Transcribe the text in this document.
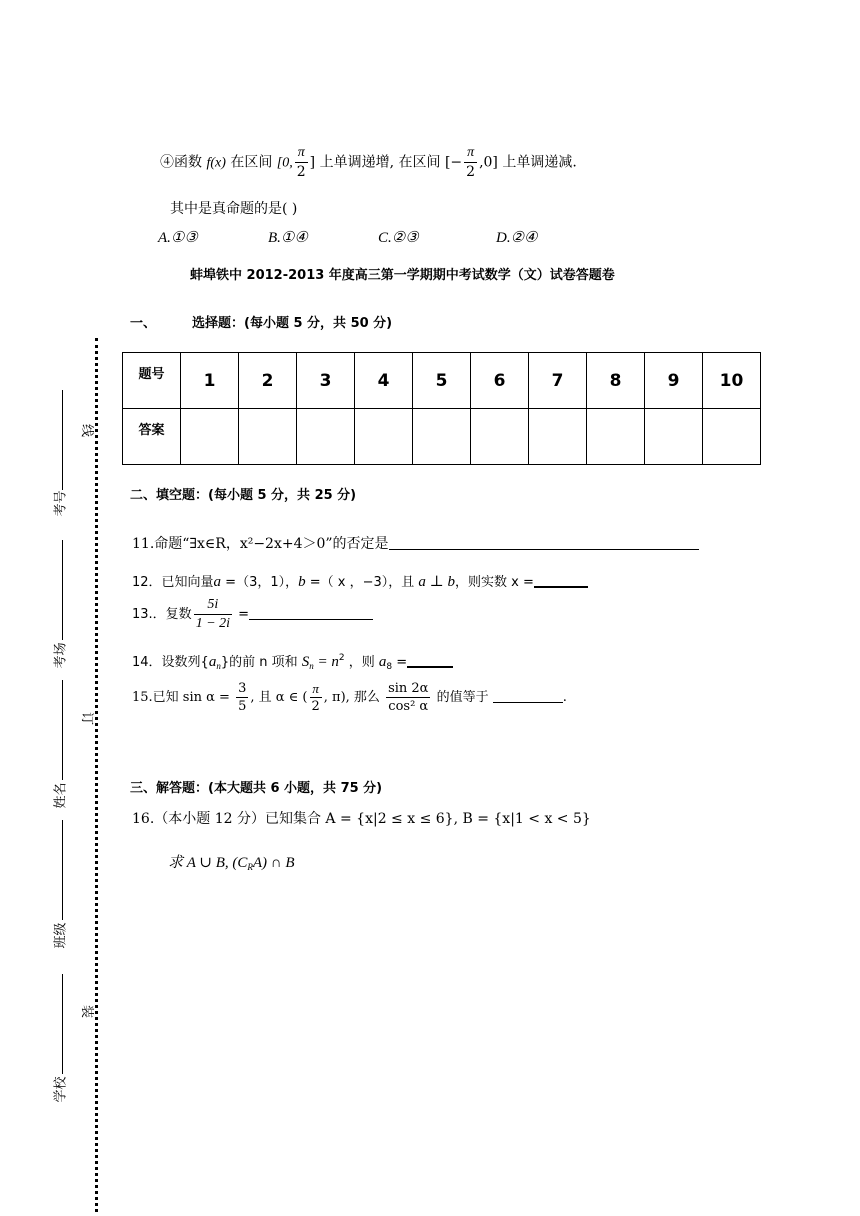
④函数 f(x) 在区间 [0, $\frac{\pi}{2}$ ] 上单调递增, 在区间 [− $\frac{\pi}{2} ,0$] 上单调递减.
其中是真命题的是( )
A.①③	B.①④	C.②③	D.②④
蚌埠铁中 2012-2013 年度高三第一学期期中考试数学（文）试卷答题卷
一、	选择题：(每小题 5 分，共 50 分)
题号	1	2	3	4	5	6	7	8	9	10
答案										
二、填空题：(每小题 5 分，共 25 分)
11.命题“∃x∈R，x²−2x+4＞0”的否定是
12．已知向量a =（3，1），b =（ x ，−3），且 a ⊥ b，则实数 x =
13.．复数 $\frac{5i}{1 - 2i}$ =
14．设数列$\{a_n\}$的前 n 项和 $S_n = n^2$ ，则 $a_8$ =
15.已知 $\sin \alpha = \frac{3}{5}$ , 且 α ∈ ( $\frac{\pi}{2}$ , π), 那么 $\frac{\sin 2\alpha}{\text{cos² α}}$ 的值等于	.
三、解答题：(本大题共 6 小题，共 75 分)
16.（本小题 12 分）已知集合 A = {x|2 ≤ x ≤ 6}, B = {x|1 < x < 5}
求 A ∪ B, $(C_RA)$ ∩ B
考号
考场
姓名
班级
学校
线
订
装
